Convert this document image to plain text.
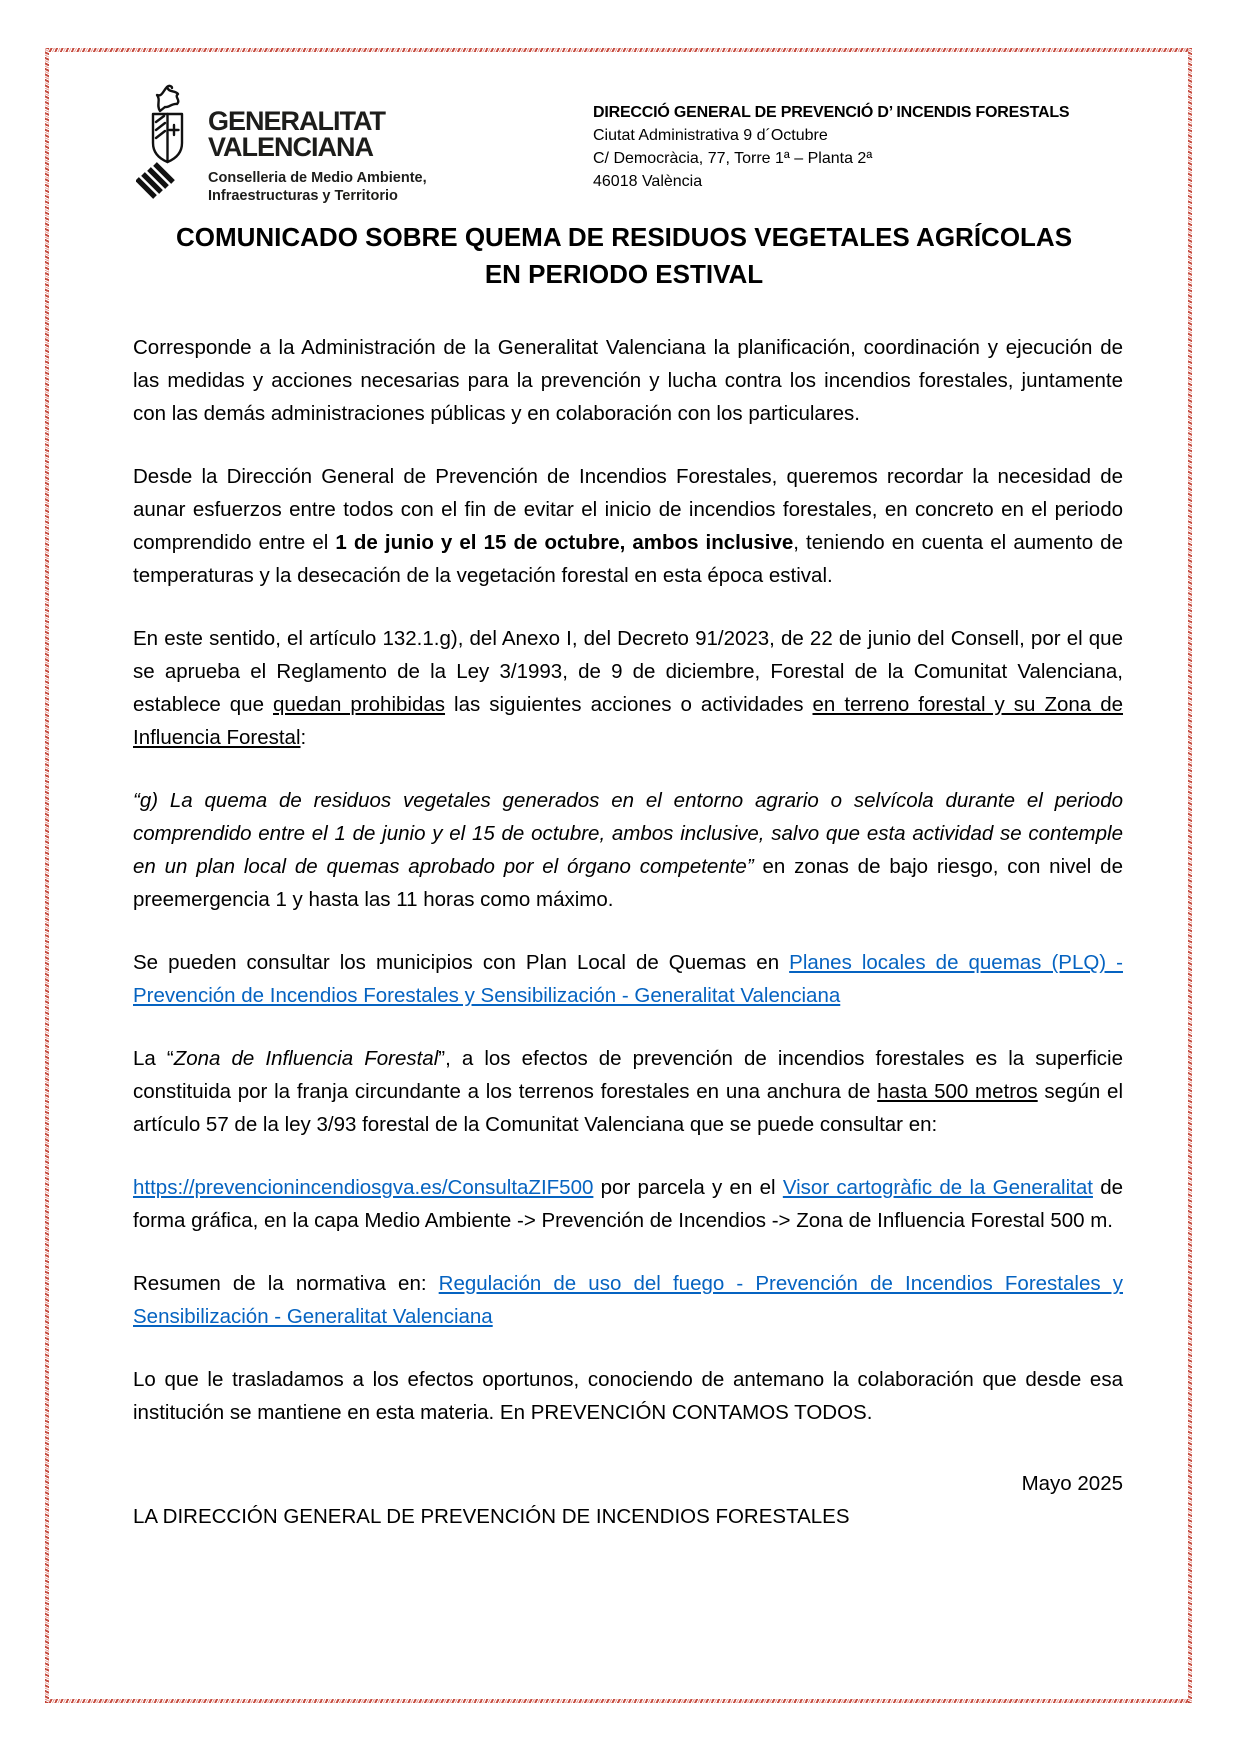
GENERALITAT
VALENCIANA
Conselleria de Medio Ambiente,
Infraestructuras y Territorio
DIRECCIÓ GENERAL DE PREVENCIÓ D’ INCENDIS FORESTALS
Ciutat Administrativa 9 d´Octubre
C/ Democràcia, 77, Torre 1ª – Planta 2ª
46018 València
COMUNICADO SOBRE QUEMA DE RESIDUOS VEGETALES AGRÍCOLAS
EN PERIODO ESTIVAL

Corresponde a la Administración de la Generalitat Valenciana la planificación, coordinación y ejecución de las medidas y acciones necesarias para la prevención y lucha contra los incendios forestales, juntamente con las demás administraciones públicas y en colaboración con los particulares.

Desde la Dirección General de Prevención de Incendios Forestales, queremos recordar la necesidad de aunar esfuerzos entre todos con el fin de evitar el inicio de incendios forestales, en concreto en el periodo comprendido entre el 1 de junio y el 15 de octubre, ambos inclusive, teniendo en cuenta el aumento de temperaturas y la desecación de la vegetación forestal en esta época estival.

En este sentido, el artículo 132.1.g), del Anexo I, del Decreto 91/2023, de 22 de junio del Consell, por el que se aprueba el Reglamento de la Ley 3/1993, de 9 de diciembre, Forestal de la Comunitat Valenciana, establece que quedan prohibidas las siguientes acciones o actividades en terreno forestal y su Zona de Influencia Forestal:

“g) La quema de residuos vegetales generados en el entorno agrario o selvícola durante el periodo comprendido entre el 1 de junio y el 15 de octubre, ambos inclusive, salvo que esta actividad se contemple en un plan local de quemas aprobado por el órgano competente” en zonas de bajo riesgo, con nivel de preemergencia 1 y hasta las 11 horas como máximo.

Se pueden consultar los municipios con Plan Local de Quemas en Planes locales de quemas (PLQ) - Prevención de Incendios Forestales y Sensibilización - Generalitat Valenciana

La “Zona de Influencia Forestal”, a los efectos de prevención de incendios forestales es la superficie constituida por la franja circundante a los terrenos forestales en una anchura de hasta 500 metros según el artículo 57 de la ley 3/93 forestal de la Comunitat Valenciana que se puede consultar en:

https://prevencionincendiosgva.es/ConsultaZIF500 por parcela y en el Visor cartogràfic de la Generalitat de forma gráfica, en la capa Medio Ambiente -> Prevención de Incendios -> Zona de Influencia Forestal 500 m.

Resumen de la normativa en: Regulación de uso del fuego - Prevención de Incendios Forestales y Sensibilización - Generalitat Valenciana

Lo que le trasladamos a los efectos oportunos, conociendo de antemano la colaboración que desde esa institución se mantiene en esta materia. En PREVENCIÓN CONTAMOS TODOS.

Mayo 2025

LA DIRECCIÓN GENERAL DE PREVENCIÓN DE INCENDIOS FORESTALES
